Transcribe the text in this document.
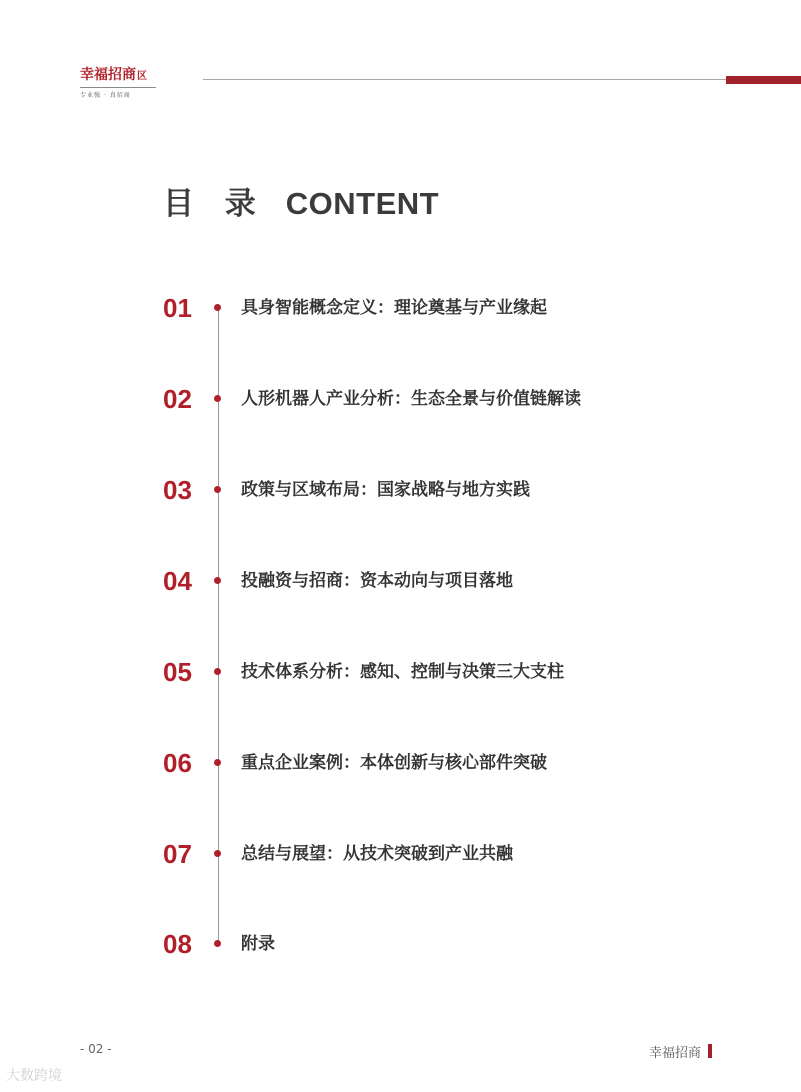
幸福招商区
专业强 · 真招商
目 录 CONTENT
01	具身智能概念定义：理论奠基与产业缘起
02	人形机器人产业分析：生态全景与价值链解读
03	政策与区域布局：国家战略与地方实践
04	投融资与招商：资本动向与项目落地
05	技术体系分析：感知、控制与决策三大支柱
06	重点企业案例：本体创新与核心部件突破
07	总结与展望：从技术突破到产业共融
08	附录
- 02 -	幸福招商
大数跨境
